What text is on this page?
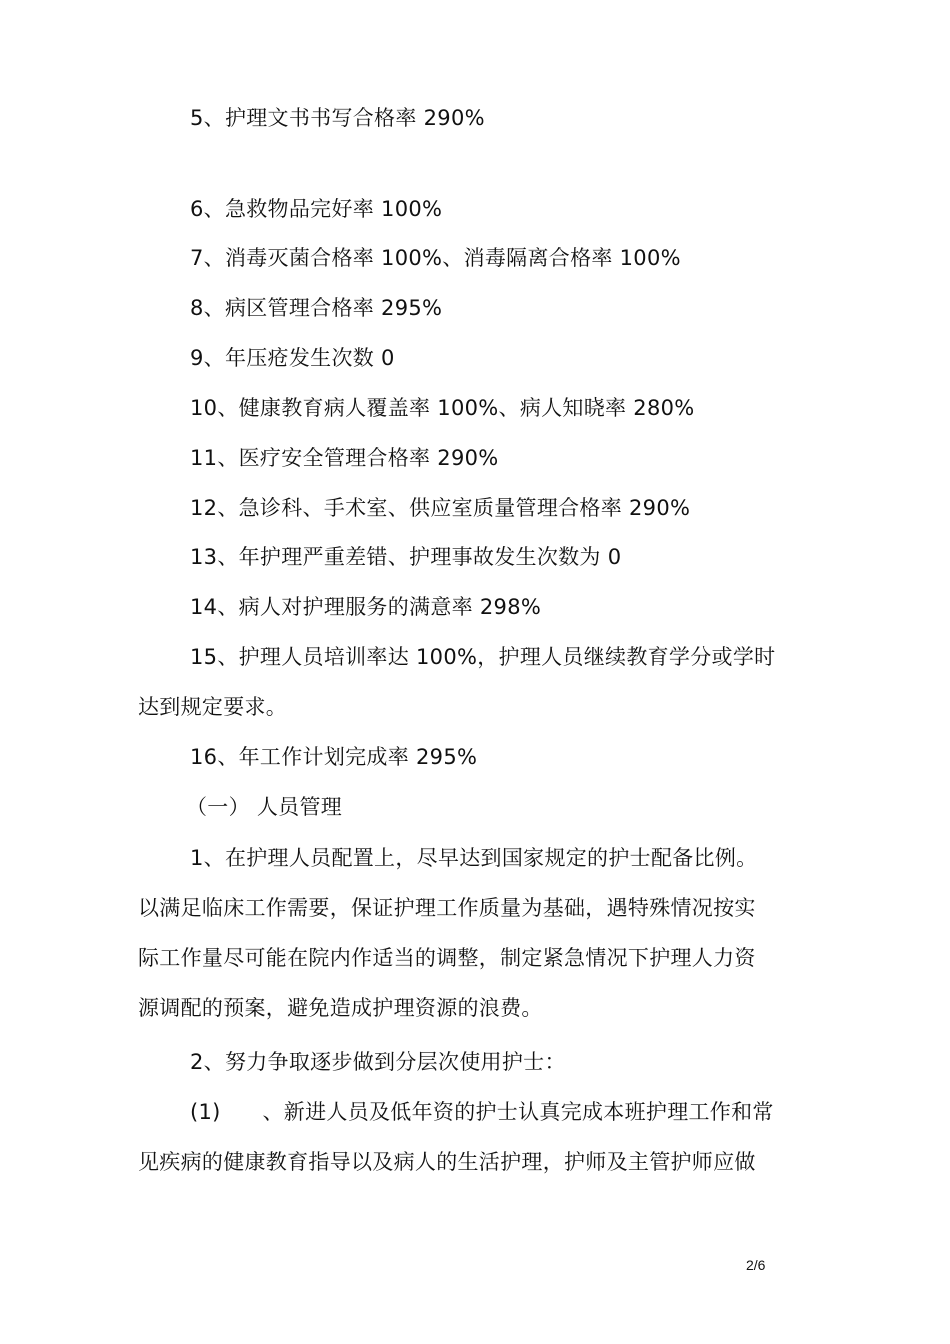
5、护理文书书写合格率 290%
6、急救物品完好率 100%
7、消毒灭菌合格率 100%、消毒隔离合格率 100%
8、病区管理合格率 295%
9、年压疮发生次数 0
10、健康教育病人覆盖率 100%、病人知晓率 280%
11、医疗安全管理合格率 290%
12、急诊科、手术室、供应室质量管理合格率 290%
13、年护理严重差错、护理事故发生次数为 0
14、病人对护理服务的满意率 298%
15、护理人员培训率达 100%，护理人员继续教育学分或学时
达到规定要求。
16、年工作计划完成率 295%
（一） 人员管理
1、在护理人员配置上，尽早达到国家规定的护士配备比例。
以满足临床工作需要，保证护理工作质量为基础，遇特殊情况按实
际工作量尽可能在院内作适当的调整，制定紧急情况下护理人力资
源调配的预案，避免造成护理资源的浪费。
2、努力争取逐步做到分层次使用护士：
(1)      、新进人员及低年资的护士认真完成本班护理工作和常
见疾病的健康教育指导以及病人的生活护理，护师及主管护师应做
2/6
